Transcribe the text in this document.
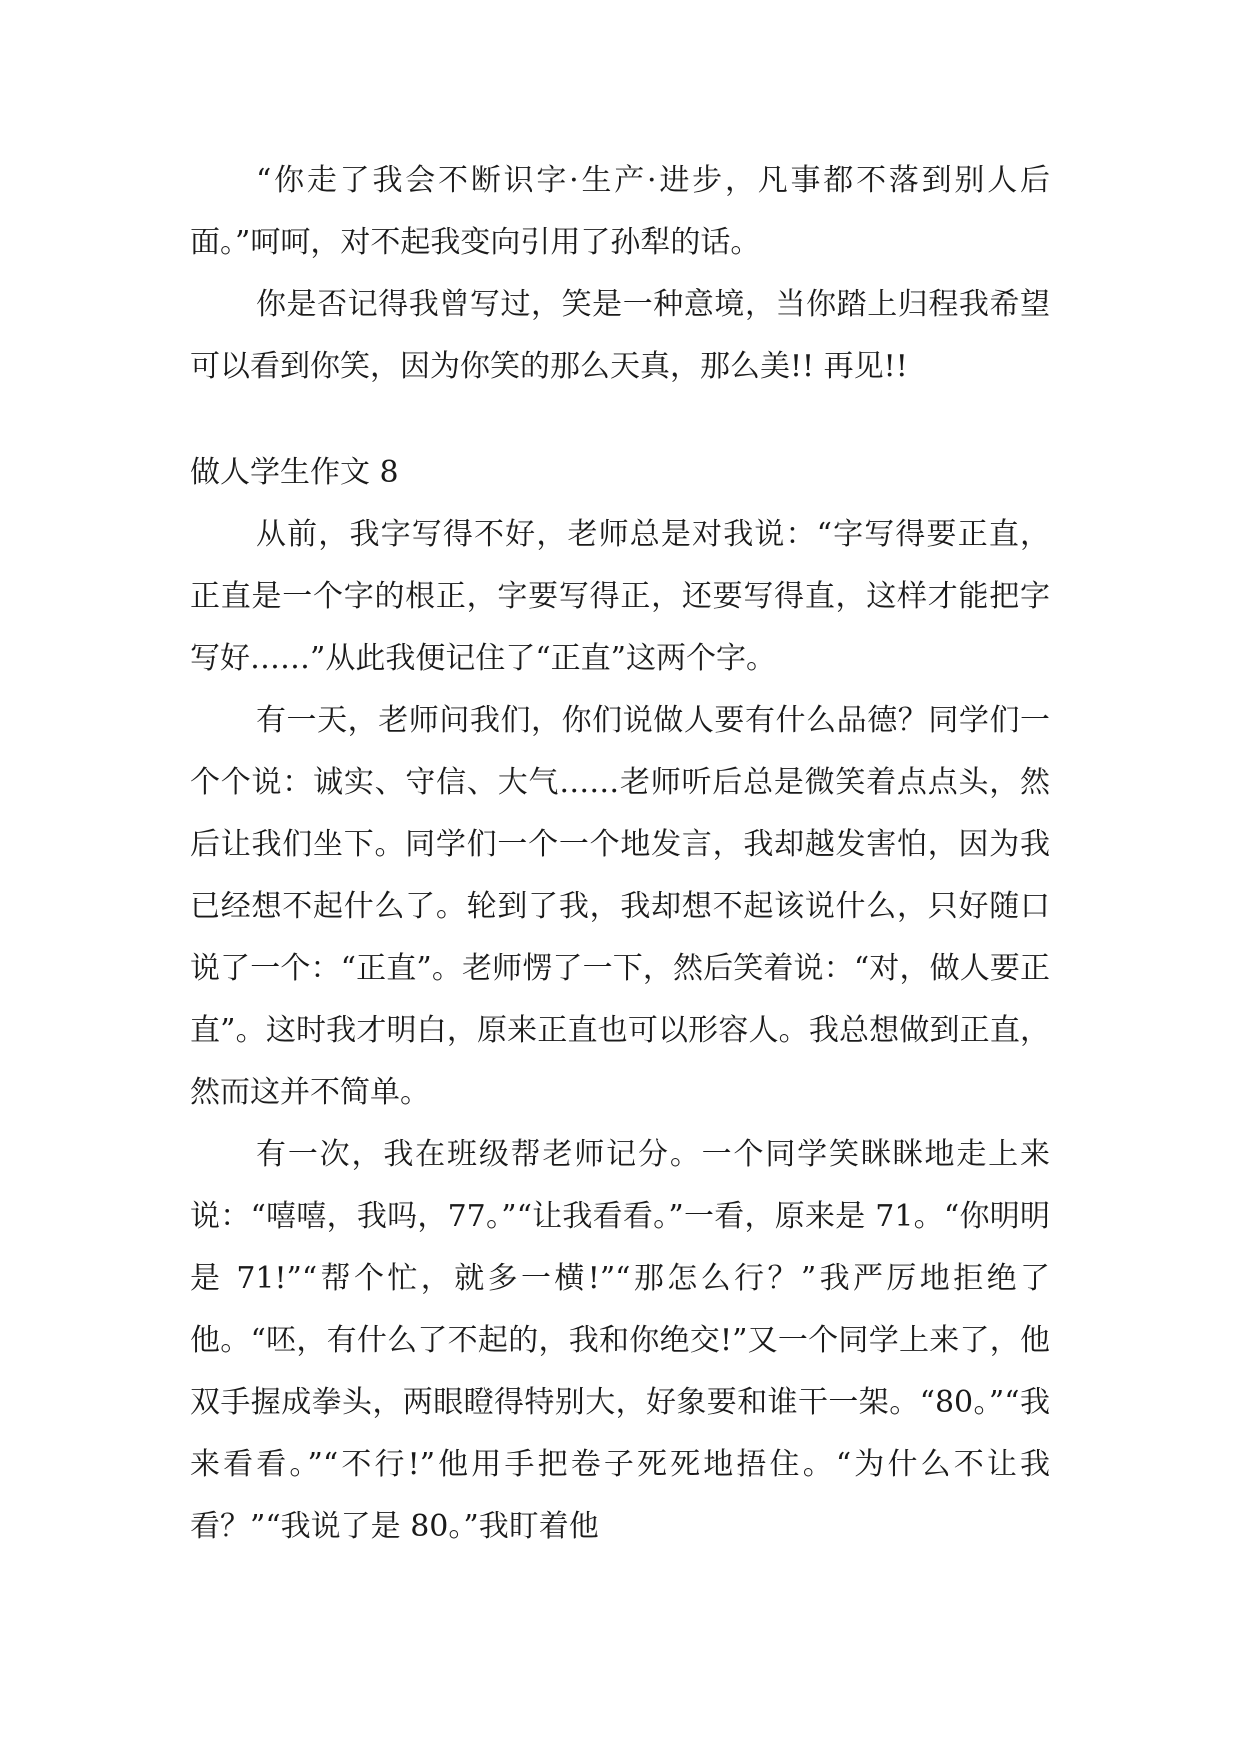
“你走了我会不断识字·生产·进步，凡事都不落到别人后面。”呵呵，对不起我变向引用了孙犁的话。

你是否记得我曾写过，笑是一种意境，当你踏上归程我希望可以看到你笑，因为你笑的那么天真，那么美!! 再见!!

做人学生作文 8

从前，我字写得不好，老师总是对我说：“字写得要正直，正直是一个字的根正，字要写得正，还要写得直，这样才能把字写好……”从此我便记住了“正直”这两个字。

有一天，老师问我们，你们说做人要有什么品德？同学们一个个说：诚实、守信、大气……老师听后总是微笑着点点头，然后让我们坐下。同学们一个一个地发言，我却越发害怕，因为我已经想不起什么了。轮到了我，我却想不起该说什么，只好随口说了一个：“正直”。老师愣了一下，然后笑着说：“对，做人要正直”。这时我才明白，原来正直也可以形容人。我总想做到正直，然而这并不简单。

有一次，我在班级帮老师记分。一个同学笑眯眯地走上来说：“嘻嘻，我吗，77。”“让我看看。”一看，原来是 71。“你明明是 71!”“帮个忙，就多一横!”“那怎么行？”我严厉地拒绝了他。“呸，有什么了不起的，我和你绝交!”又一个同学上来了，他双手握成拳头，两眼瞪得特别大，好象要和谁干一架。“80。”“我来看看。”“不行!”他用手把卷子死死地捂住。“为什么不让我看？”“我说了是 80。”我盯着他
